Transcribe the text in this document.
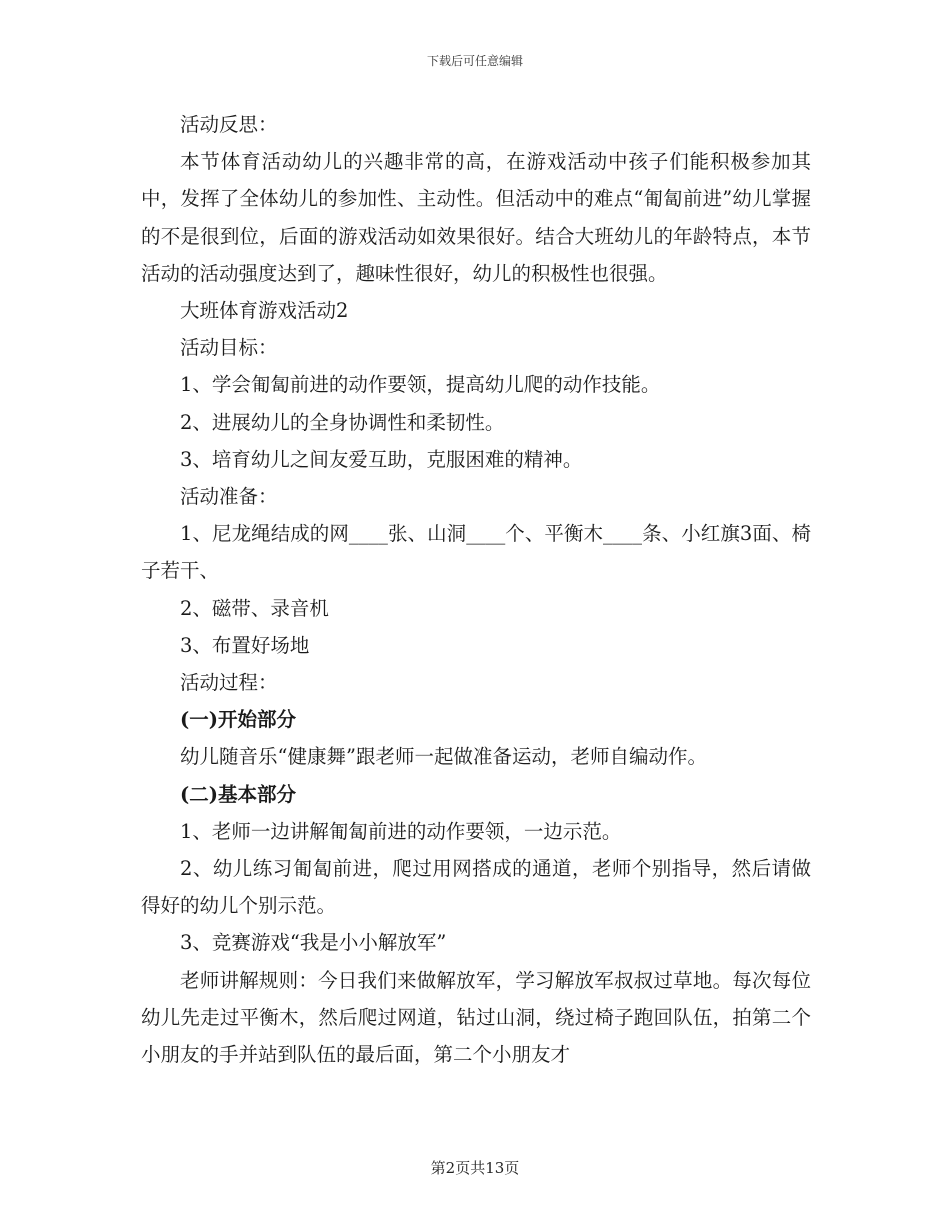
下载后可任意编辑

活动反思：

本节体育活动幼儿的兴趣非常的高，在游戏活动中孩子们能积极参加其中，发挥了全体幼儿的参加性、主动性。但活动中的难点“匍匐前进”幼儿掌握的不是很到位，后面的游戏活动如效果很好。结合大班幼儿的年龄特点，本节活动的活动强度达到了，趣味性很好，幼儿的积极性也很强。

大班体育游戏活动2

活动目标：

1、学会匍匐前进的动作要领，提高幼儿爬的动作技能。

2、进展幼儿的全身协调性和柔韧性。

3、培育幼儿之间友爱互助，克服困难的精神。

活动准备：

1、尼龙绳结成的网____张、山洞____个、平衡木____条、小红旗3面、椅子若干、

2、磁带、录音机

3、布置好场地

活动过程：

(一)开始部分

幼儿随音乐“健康舞”跟老师一起做准备运动，老师自编动作。

(二)基本部分

1、老师一边讲解匍匐前进的动作要领，一边示范。

2、幼儿练习匍匐前进，爬过用网搭成的通道，老师个别指导，然后请做得好的幼儿个别示范。

3、竞赛游戏“我是小小解放军”

老师讲解规则：今日我们来做解放军，学习解放军叔叔过草地。每次每位幼儿先走过平衡木，然后爬过网道，钻过山洞，绕过椅子跑回队伍，拍第二个小朋友的手并站到队伍的最后面，第二个小朋友才

第2页共13页
